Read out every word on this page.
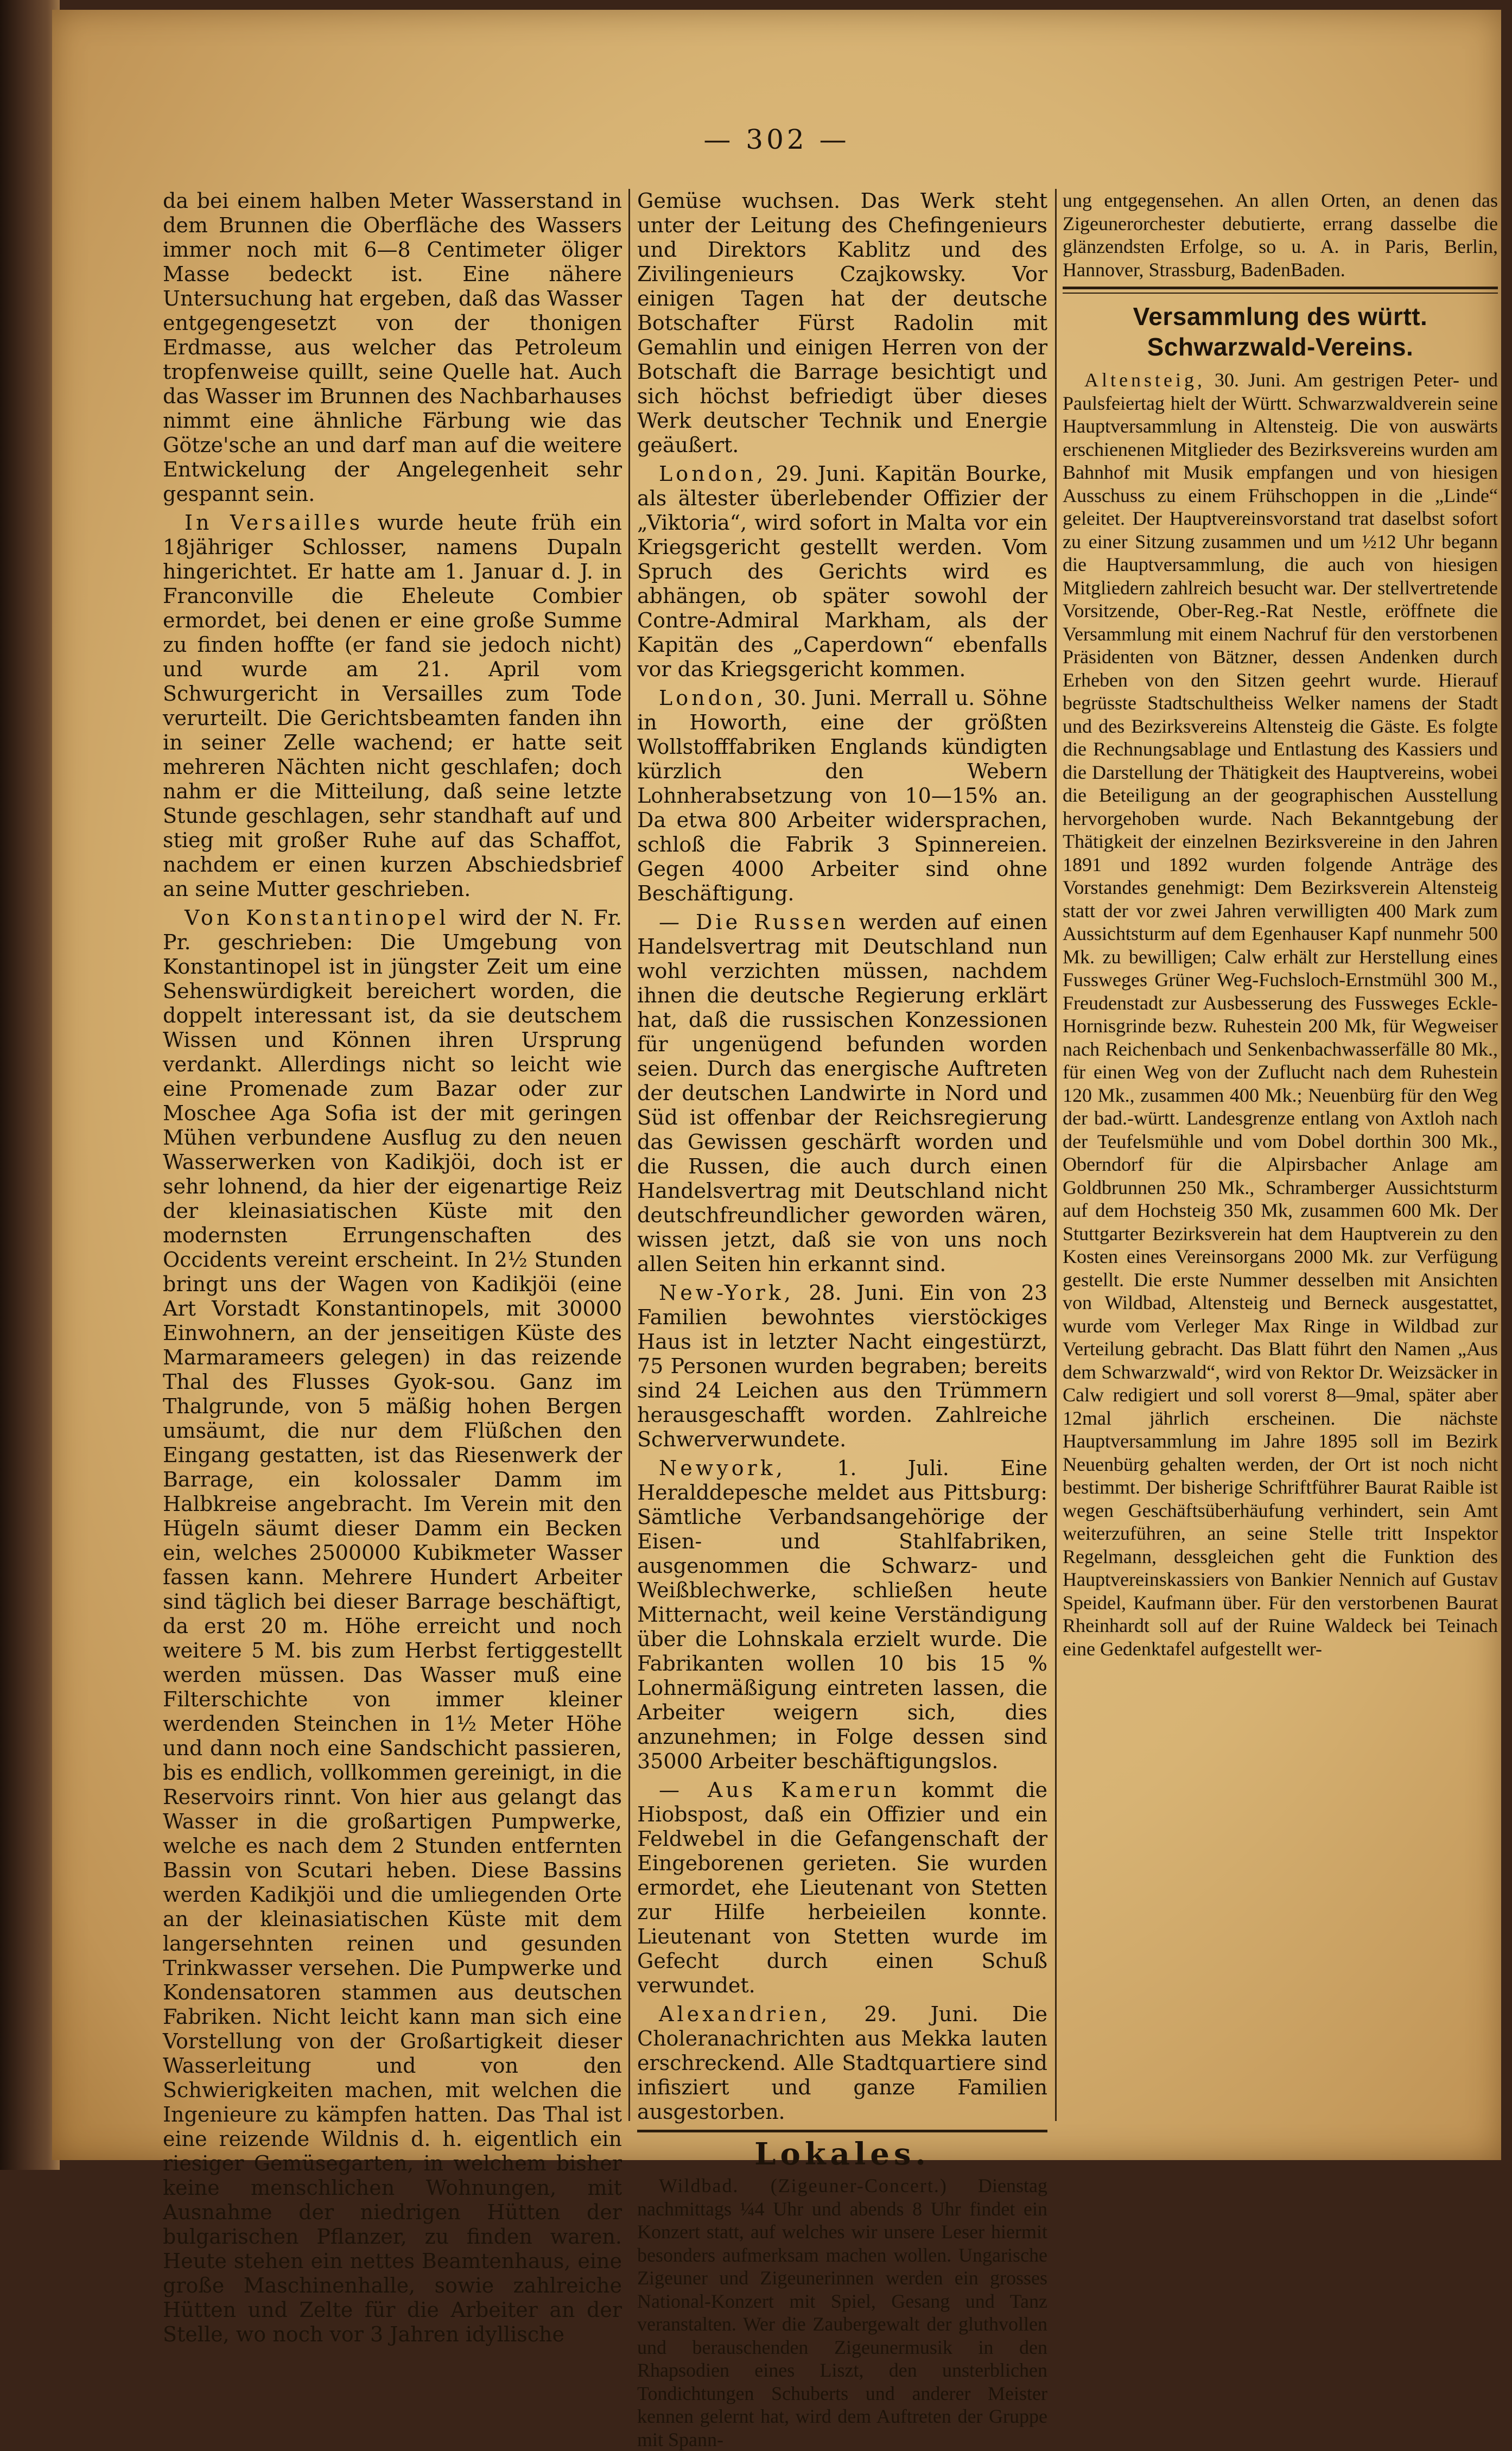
— 302 —

da bei einem halben Meter Wasserstand in dem Brunnen die Oberfläche des Wassers immer noch mit 6—8 Centimeter öliger Masse bedeckt ist. Eine nähere Untersuchung hat ergeben, daß das Wasser entgegengesetzt von der thonigen Erdmasse, aus welcher das Petroleum tropfenweise quillt, seine Quelle hat. Auch das Wasser im Brunnen des Nachbarhauses nimmt eine ähnliche Färbung wie das Götze'sche an und darf man auf die weitere Entwickelung der Angelegenheit sehr gespannt sein.

In Versailles wurde heute früh ein 18jähriger Schlosser, namens Dupaln hingerichtet. Er hatte am 1. Januar d. J. in Franconville die Eheleute Combier ermordet, bei denen er eine große Summe zu finden hoffte (er fand sie jedoch nicht) und wurde am 21. April vom Schwurgericht in Versailles zum Tode verurteilt. Die Gerichtsbeamten fanden ihn in seiner Zelle wachend; er hatte seit mehreren Nächten nicht geschlafen; doch nahm er die Mitteilung, daß seine letzte Stunde geschlagen, sehr standhaft auf und stieg mit großer Ruhe auf das Schaffot, nachdem er einen kurzen Abschiedsbrief an seine Mutter geschrieben.

Von Konstantinopel wird der N. Fr. Pr. geschrieben: Die Umgebung von Konstantinopel ist in jüngster Zeit um eine Sehenswürdigkeit bereichert worden, die doppelt interessant ist, da sie deutschem Wissen und Können ihren Ursprung verdankt. Allerdings nicht so leicht wie eine Promenade zum Bazar oder zur Moschee Aga Sofia ist der mit geringen Mühen verbundene Ausflug zu den neuen Wasserwerken von Kadikjöi, doch ist er sehr lohnend, da hier der eigenartige Reiz der kleinasiatischen Küste mit den modernsten Errungenschaften des Occidents vereint erscheint. In 2½ Stunden bringt uns der Wagen von Kadikjöi (eine Art Vorstadt Konstantinopels, mit 30000 Einwohnern, an der jenseitigen Küste des Marmarameers gelegen) in das reizende Thal des Flusses Gyok-sou. Ganz im Thalgrunde, von 5 mäßig hohen Bergen umsäumt, die nur dem Flüßchen den Eingang gestatten, ist das Riesenwerk der Barrage, ein kolossaler Damm im Halbkreise angebracht. Im Verein mit den Hügeln säumt dieser Damm ein Becken ein, welches 2500000 Kubikmeter Wasser fassen kann. Mehrere Hundert Arbeiter sind täglich bei dieser Barrage beschäftigt, da erst 20 m. Höhe erreicht und noch weitere 5 M. bis zum Herbst fertiggestellt werden müssen. Das Wasser muß eine Filterschichte von immer kleiner werdenden Steinchen in 1½ Meter Höhe und dann noch eine Sandschicht passieren, bis es endlich, vollkommen gereinigt, in die Reservoirs rinnt. Von hier aus gelangt das Wasser in die großartigen Pumpwerke, welche es nach dem 2 Stunden entfernten Bassin von Scutari heben. Diese Bassins werden Kadikjöi und die umliegenden Orte an der kleinasiatischen Küste mit dem langersehnten reinen und gesunden Trinkwasser versehen. Die Pumpwerke und Kondensatoren stammen aus deutschen Fabriken. Nicht leicht kann man sich eine Vorstellung von der Großartigkeit dieser Wasserleitung und von den Schwierigkeiten machen, mit welchen die Ingenieure zu kämpfen hatten. Das Thal ist eine reizende Wildnis d. h. eigentlich ein riesiger Gemüsegarten, in welchem bisher keine menschlichen Wohnungen, mit Ausnahme der niedrigen Hütten der bulgarischen Pflanzer, zu finden waren. Heute stehen ein nettes Beamtenhaus, eine große Maschinenhalle, sowie zahlreiche Hütten und Zelte für die Arbeiter an der Stelle, wo noch vor 3 Jahren idyllische

Gemüse wuchsen. Das Werk steht unter der Leitung des Chefingenieurs und Direktors Kablitz und des Zivilingenieurs Czajkowsky. Vor einigen Tagen hat der deutsche Botschafter Fürst Radolin mit Gemahlin und einigen Herren von der Botschaft die Barrage besichtigt und sich höchst befriedigt über dieses Werk deutscher Technik und Energie geäußert.

London, 29. Juni. Kapitän Bourke, als ältester überlebender Offizier der „Viktoria“, wird sofort in Malta vor ein Kriegsgericht gestellt werden. Vom Spruch des Gerichts wird es abhängen, ob später sowohl der Contre-Admiral Markham, als der Kapitän des „Caperdown“ ebenfalls vor das Kriegsgericht kommen.

London, 30. Juni. Merrall u. Söhne in Howorth, eine der größten Wollstofffabriken Englands kündigten kürzlich den Webern Lohnherabsetzung von 10—15% an. Da etwa 800 Arbeiter widersprachen, schloß die Fabrik 3 Spinnereien. Gegen 4000 Arbeiter sind ohne Beschäftigung.

— Die Russen werden auf einen Handelsvertrag mit Deutschland nun wohl verzichten müssen, nachdem ihnen die deutsche Regierung erklärt hat, daß die russischen Konzessionen für ungenügend befunden worden seien. Durch das energische Auftreten der deutschen Landwirte in Nord und Süd ist offenbar der Reichsregierung das Gewissen geschärft worden und die Russen, die auch durch einen Handelsvertrag mit Deutschland nicht deutschfreundlicher geworden wären, wissen jetzt, daß sie von uns noch allen Seiten hin erkannt sind.

New-York, 28. Juni. Ein von 23 Familien bewohntes vierstöckiges Haus ist in letzter Nacht eingestürzt, 75 Personen wurden begraben; bereits sind 24 Leichen aus den Trümmern herausgeschafft worden. Zahlreiche Schwerverwundete.

Newyork, 1. Juli. Eine Heralddepesche meldet aus Pittsburg: Sämtliche Verbandsangehörige der Eisen- und Stahlfabriken, ausgenommen die Schwarz- und Weißblechwerke, schließen heute Mitternacht, weil keine Verständigung über die Lohnskala erzielt wurde. Die Fabrikanten wollen 10 bis 15 % Lohnermäßigung eintreten lassen, die Arbeiter weigern sich, dies anzunehmen; in Folge dessen sind 35000 Arbeiter beschäftigungslos.

— Aus Kamerun kommt die Hiobspost, daß ein Offizier und ein Feldwebel in die Gefangenschaft der Eingeborenen gerieten. Sie wurden ermordet, ehe Lieutenant von Stetten zur Hilfe herbeieilen konnte. Lieutenant von Stetten wurde im Gefecht durch einen Schuß verwundet.

Alexandrien, 29. Juni. Die Choleranachrichten aus Mekka lauten erschreckend. Alle Stadtquartiere sind infisziert und ganze Familien ausgestorben.

Lokales.

Wildbad. (Zigeuner-Concert.) Dienstag nachmittags ¼4 Uhr und abends 8 Uhr findet ein Konzert statt, auf welches wir unsere Leser hiermit besonders aufmerksam machen wollen. Ungarische Zigeuner und Zigeunerinnen werden ein grosses National-Konzert mit Spiel, Gesang und Tanz veranstalten. Wer die Zaubergewalt der gluthvollen und berauschenden Zigeunermusik in den Rhapsodien eines Liszt, den unsterblichen Tondichtungen Schuberts und anderer Meister kennen gelernt hat, wird dem Auftreten der Gruppe mit Spann-

ung entgegensehen. An allen Orten, an denen das Zigeunerorchester debutierte, errang dasselbe die glänzendsten Erfolge, so u. A. in Paris, Berlin, Hannover, Strassburg, BadenBaden.

Versammlung des württ. Schwarzwald-Vereins.

Altensteig, 30. Juni. Am gestrigen Peter- und Paulsfeiertag hielt der Württ. Schwarzwaldverein seine Hauptversammlung in Altensteig. Die von auswärts erschienenen Mitglieder des Bezirksvereins wurden am Bahnhof mit Musik empfangen und von hiesigen Ausschuss zu einem Frühschoppen in die „Linde“ geleitet. Der Hauptvereinsvorstand trat daselbst sofort zu einer Sitzung zusammen und um ½12 Uhr begann die Hauptversammlung, die auch von hiesigen Mitgliedern zahlreich besucht war. Der stellvertretende Vorsitzende, Ober-Reg.-Rat Nestle, eröffnete die Versammlung mit einem Nachruf für den verstorbenen Präsidenten von Bätzner, dessen Andenken durch Erheben von den Sitzen geehrt wurde. Hierauf begrüsste Stadtschultheiss Welker namens der Stadt und des Bezirksvereins Altensteig die Gäste. Es folgte die Rechnungsablage und Entlastung des Kassiers und die Darstellung der Thätigkeit des Hauptvereins, wobei die Beteiligung an der geographischen Ausstellung hervorgehoben wurde. Nach Bekanntgebung der Thätigkeit der einzelnen Bezirksvereine in den Jahren 1891 und 1892 wurden folgende Anträge des Vorstandes genehmigt: Dem Bezirksverein Altensteig statt der vor zwei Jahren verwilligten 400 Mark zum Aussichtsturm auf dem Egenhauser Kapf nunmehr 500 Mk. zu bewilligen; Calw erhält zur Herstellung eines Fussweges Grüner Weg-Fuchsloch-Ernstmühl 300 M., Freudenstadt zur Ausbesserung des Fussweges Eckle-Hornisgrinde bezw. Ruhestein 200 Mk, für Wegweiser nach Reichenbach und Senkenbachwasserfälle 80 Mk., für einen Weg von der Zuflucht nach dem Ruhestein 120 Mk., zusammen 400 Mk.; Neuenbürg für den Weg der bad.-württ. Landesgrenze entlang von Axtloh nach der Teufelsmühle und vom Dobel dorthin 300 Mk., Oberndorf für die Alpirsbacher Anlage am Goldbrunnen 250 Mk., Schramberger Aussichtsturm auf dem Hochsteig 350 Mk, zusammen 600 Mk. Der Stuttgarter Bezirksverein hat dem Hauptverein zu den Kosten eines Vereinsorgans 2000 Mk. zur Verfügung gestellt. Die erste Nummer desselben mit Ansichten von Wildbad, Altensteig und Berneck ausgestattet, wurde vom Verleger Max Ringe in Wildbad zur Verteilung gebracht. Das Blatt führt den Namen „Aus dem Schwarzwald“, wird von Rektor Dr. Weizsäcker in Calw redigiert und soll vorerst 8—9mal, später aber 12mal jährlich erscheinen. Die nächste Hauptversammlung im Jahre 1895 soll im Bezirk Neuenbürg gehalten werden, der Ort ist noch nicht bestimmt. Der bisherige Schriftführer Baurat Raible ist wegen Geschäftsüberhäufung verhindert, sein Amt weiterzuführen, an seine Stelle tritt Inspektor Regelmann, dessgleichen geht die Funktion des Hauptvereinskassiers von Bankier Nennich auf Gustav Speidel, Kaufmann über. Für den verstorbenen Baurat Rheinhardt soll auf der Ruine Waldeck bei Teinach eine Gedenktafel aufgestellt wer-
